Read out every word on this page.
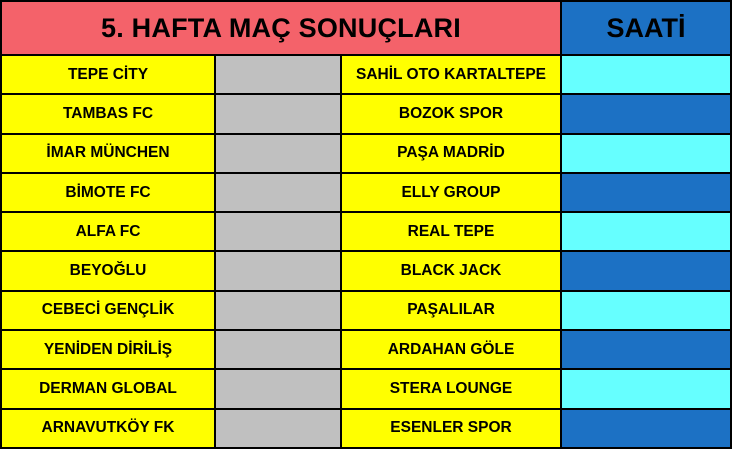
5. HAFTA MAÇ SONUÇLARI	SAATİ
TEPE CİTY	SAHİL OTO KARTALTEPE
TAMBAS FC	BOZOK SPOR
İMAR MÜNCHEN	PAŞA MADRİD
BİMOTE FC	ELLY GROUP
ALFA FC	REAL TEPE
BEYOĞLU	BLACK JACK
CEBECİ GENÇLİK	PAŞALILAR
YENİDEN DİRİLİŞ	ARDAHAN GÖLE
DERMAN GLOBAL	STERA LOUNGE
ARNAVUTKÖY FK	ESENLER SPOR
